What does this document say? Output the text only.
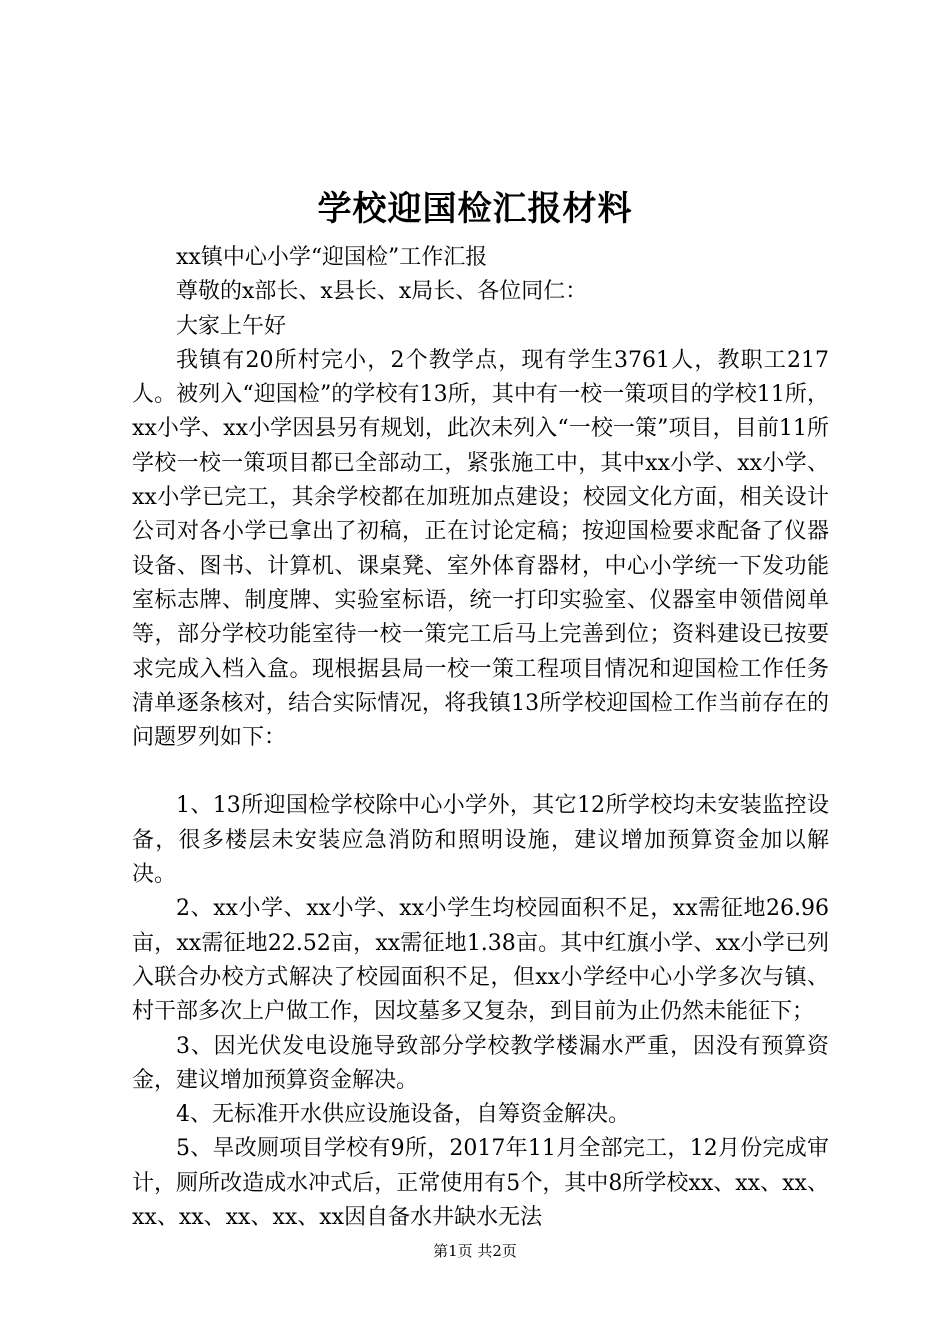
学校迎国检汇报材料

xx镇中心小学“迎国检”工作汇报

尊敬的x部长、x县长、x局长、各位同仁：

大家上午好

我镇有20所村完小，2个教学点，现有学生3761人，教职工217人。被列入“迎国检”的学校有13所，其中有一校一策项目的学校11所，xx小学、xx小学因县另有规划，此次未列入“一校一策”项目，目前11所学校一校一策项目都已全部动工，紧张施工中，其中xx小学、xx小学、xx小学已完工，其余学校都在加班加点建设；校园文化方面，相关设计公司对各小学已拿出了初稿，正在讨论定稿；按迎国检要求配备了仪器设备、图书、计算机、课桌凳、室外体育器材，中心小学统一下发功能室标志牌、制度牌、实验室标语，统一打印实验室、仪器室申领借阅单等，部分学校功能室待一校一策完工后马上完善到位；资料建设已按要求完成入档入盒。现根据县局一校一策工程项目情况和迎国检工作任务清单逐条核对，结合实际情况，将我镇13所学校迎国检工作当前存在的问题罗列如下：

1、13所迎国检学校除中心小学外，其它12所学校均未安装监控设备，很多楼层未安装应急消防和照明设施，建议增加预算资金加以解决。

2、xx小学、xx小学、xx小学生均校园面积不足，xx需征地26.96亩，xx需征地22.52亩，xx需征地1.38亩。其中红旗小学、xx小学已列入联合办校方式解决了校园面积不足，但xx小学经中心小学多次与镇、村干部多次上户做工作，因坟墓多又复杂，到目前为止仍然未能征下；

3、因光伏发电设施导致部分学校教学楼漏水严重，因没有预算资金，建议增加预算资金解决。

4、无标准开水供应设施设备，自筹资金解决。

5、旱改厕项目学校有9所，2017年11月全部完工，12月份完成审计，厕所改造成水冲式后，正常使用有5个，其中8所学校xx、xx、xx、xx、xx、xx、xx、xx因自备水井缺水无法

第1页 共2页
